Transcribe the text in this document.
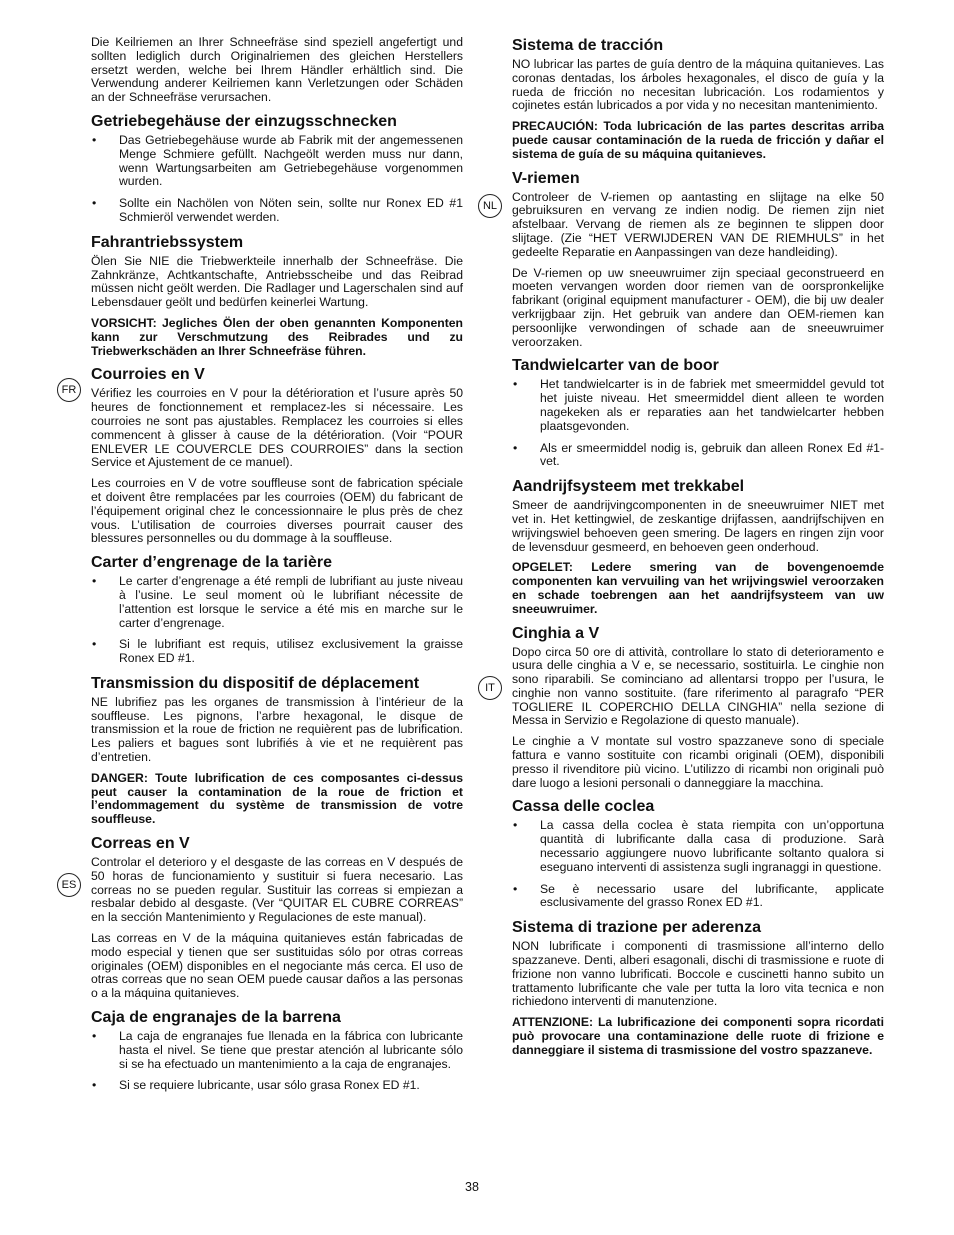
Die Keilriemen an Ihrer Schneefräse sind speziell angefertigt und sollten lediglich durch Originalriemen des gleichen Herstellers ersetzt werden, welche bei Ihrem Händler erhältlich sind. Die Verwendung anderer Keilriemen kann Verletzungen oder Schäden an der Schneefräse verursachen.

Getriebegehäuse der einzugsschnecken
• Das Getriebegehäuse wurde ab Fabrik mit der angemessenen Menge Schmiere gefüllt. Nachgeölt werden muss nur dann, wenn Wartungsarbeiten am Getriebegehäuse vorgenommen wurden.
• Sollte ein Nachölen von Nöten sein, sollte nur Ronex ED #1 Schmieröl verwendet werden.
Fahrantriebssystem

Ölen Sie NIE die Triebwerkteile innerhalb der Schneefräse. Die Zahnkränze, Achtkantschafte, Antriebsscheibe und das Reibrad müssen nicht geölt werden. Die Radlager und Lagerschalen sind auf Lebensdauer geölt und bedürfen keinerlei Wartung.

VORSICHT: Jegliches Ölen der oben genannten Komponenten kann zur Verschmutzung des Reibrades und zu Triebwerkschäden an Ihrer Schneefräse führen.

Courroies en V

Vérifiez les courroies en V pour la détérioration et l’usure après 50 heures de fonctionnement et remplacez-les si nécessaire. Les courroies ne sont pas ajustables. Remplacez les courroies si elles commencent à glisser à cause de la détérioration. (Voir “POUR ENLEVER LE COUVERCLE DES COURROIES” dans la section Service et Ajustement de ce manuel).

Les courroies en V de votre souffleuse sont de fabrication spéciale et doivent être remplacées par les courroies (OEM) du fabricant de l’équipement original chez le concessionnaire le plus près de chez vous. L’utilisation de courroies diverses pourrait causer des blessures personnelles ou du dommage à la souffleuse.

Carter d’engrenage de la tarière
• Le carter d’engrenage a été rempli de lubrifiant au juste niveau à l’usine. Le seul moment où le lubrifiant nécessite de l’attention est lorsque le service a été mis en marche sur le carter d’engrenage.
• Si le lubrifiant est requis, utilisez exclusivement la graisse Ronex ED #1.
Transmission du dispositif de déplacement

NE lubrifiez pas les organes de transmission à l’intérieur de la souffleuse. Les pignons, l’arbre hexagonal, le disque de transmission et la roue de friction ne requièrent pas de lubrification. Les paliers et bagues sont lubrifiés à vie et ne requièrent pas d’entretien.

DANGER: Toute lubrification de ces composantes ci-dessus peut causer la contamination de la roue de friction et l’endommagement du système de transmission de votre souffleuse.

Correas en V

Controlar el deterioro y el desgaste de las correas en V después de 50 horas de funcionamiento y sustituir si fuera necesario. Las correas no se pueden regular. Sustituir las correas si empiezan a resbalar debido al desgaste. (Ver “QUITAR EL CUBRE CORREAS” en la sección Mantenimiento y Regulaciones de este manual).

Las correas en V de la máquina quitanieves están fabricadas de modo especial y tienen que ser sustituidas sólo por otras correas originales (OEM) disponibles en el negociante más cerca. El uso de otras correas que no sean OEM puede causar daños a las personas o a la máquina quitanieves.

Caja de engranajes de la barrena
• La caja de engranajes fue llenada en la fábrica con lubricante hasta el nivel. Se tiene que prestar atención al lubricante sólo si se ha efectuado un mantenimiento a la caja de engranajes.
• Si se requiere lubricante, usar sólo grasa Ronex ED #1.
Sistema de tracción

NO lubricar las partes de guía dentro de la máquina quitanieves. Las coronas dentadas, los árboles hexagonales, el disco de guía y la rueda de fricción no necesitan lubricación. Los rodamientos y cojinetes están lubricados a por vida y no necesitan mantenimiento.

PRECAUCIÓN: Toda lubricación de las partes descritas arriba puede causar contaminación de la rueda de fricción y dañar el sistema de guía de su máquina quitanieves.

V-riemen

Controleer de V-riemen op aantasting en slijtage na elke 50 gebruiksuren en vervang ze indien nodig. De riemen zijn niet afstelbaar. Vervang de riemen als ze beginnen te slippen door slijtage. (Zie “HET VERWIJDEREN VAN DE RIEMHULS” in het gedeelte Reparatie en Aanpassingen van deze handleiding).

De V-riemen op uw sneeuwruimer zijn speciaal geconstrueerd en moeten vervangen worden door riemen van de oorspronkelijke fabrikant (original equipment manufacturer - OEM), die bij uw dealer verkrijgbaar zijn. Het gebruik van andere dan OEM-riemen kan persoonlijke verwondingen of schade aan de sneeuwruimer veroorzaken.

Tandwielcarter van de boor
• Het tandwielcarter is in de fabriek met smeermiddel gevuld tot het juiste niveau. Het smeermiddel dient alleen te worden nagekeken als er reparaties aan het tandwielcarter hebben plaatsgevonden.
• Als er smeermiddel nodig is, gebruik dan alleen Ronex Ed #1-vet.
Aandrijfsysteem met trekkabel

Smeer de aandrijvingcomponenten in de sneeuwruimer NIET met vet in. Het kettingwiel, de zeskantige drijfassen, aandrijfschijven en wrijvingswiel behoeven geen smering. De lagers en ringen zijn voor de levensduur gesmeerd, en behoeven geen onderhoud.

OPGELET: Ledere smering van de bovengenoemde componenten kan vervuiling van het wrijvingswiel veroorzaken en schade toebrengen aan het aandrijfsysteem van uw sneeuwruimer.

Cinghia a V

Dopo circa 50 ore di attività, controllare lo stato di deterioramento e usura delle cinghia a V e, se necessario, sostituirla. Le cinghie non sono riparabili. Se cominciano ad allentarsi troppo per l’usura, le cinghie non vanno sostituite. (fare riferimento al paragrafo “PER TOGLIERE IL COPERCHIO DELLA CINGHIA” nella sezione di Messa in Servizio e Regolazione di questo manuale).

Le cinghie a V montate sul vostro spazzaneve sono di speciale fattura e vanno sostituite con ricambi originali (OEM), disponibili presso il rivenditore più vicino. L’utilizzo di ricambi non originali può dare luogo a lesioni personali o danneggiare la macchina.

Cassa delle coclea
• La cassa della coclea è stata riempita con un’opportuna quantità di lubrificante dalla casa di produzione. Sarà necessario aggiungere nuovo lubrificante soltanto qualora si eseguano interventi di assistenza sugli ingranaggi in questione.
• Se è necessario usare del lubrificante, applicate esclusivamente del grasso Ronex ED #1.
Sistema di trazione per aderenza

NON lubrificate i componenti di trasmissione all’interno dello spazzaneve. Denti, alberi esagonali, dischi di trasmissione e ruote di frizione non vanno lubrificati. Boccole e cuscinetti hanno subito un trattamento lubrificante che vale per tutta la loro vita tecnica e non richiedono interventi di manutenzione.

ATTENZIONE: La lubrificazione dei componenti sopra ricordati può provocare una contaminazione delle ruote di frizione e danneggiare il sistema di trasmissione del vostro spazzaneve.

FR
ES
NL
IT
38
